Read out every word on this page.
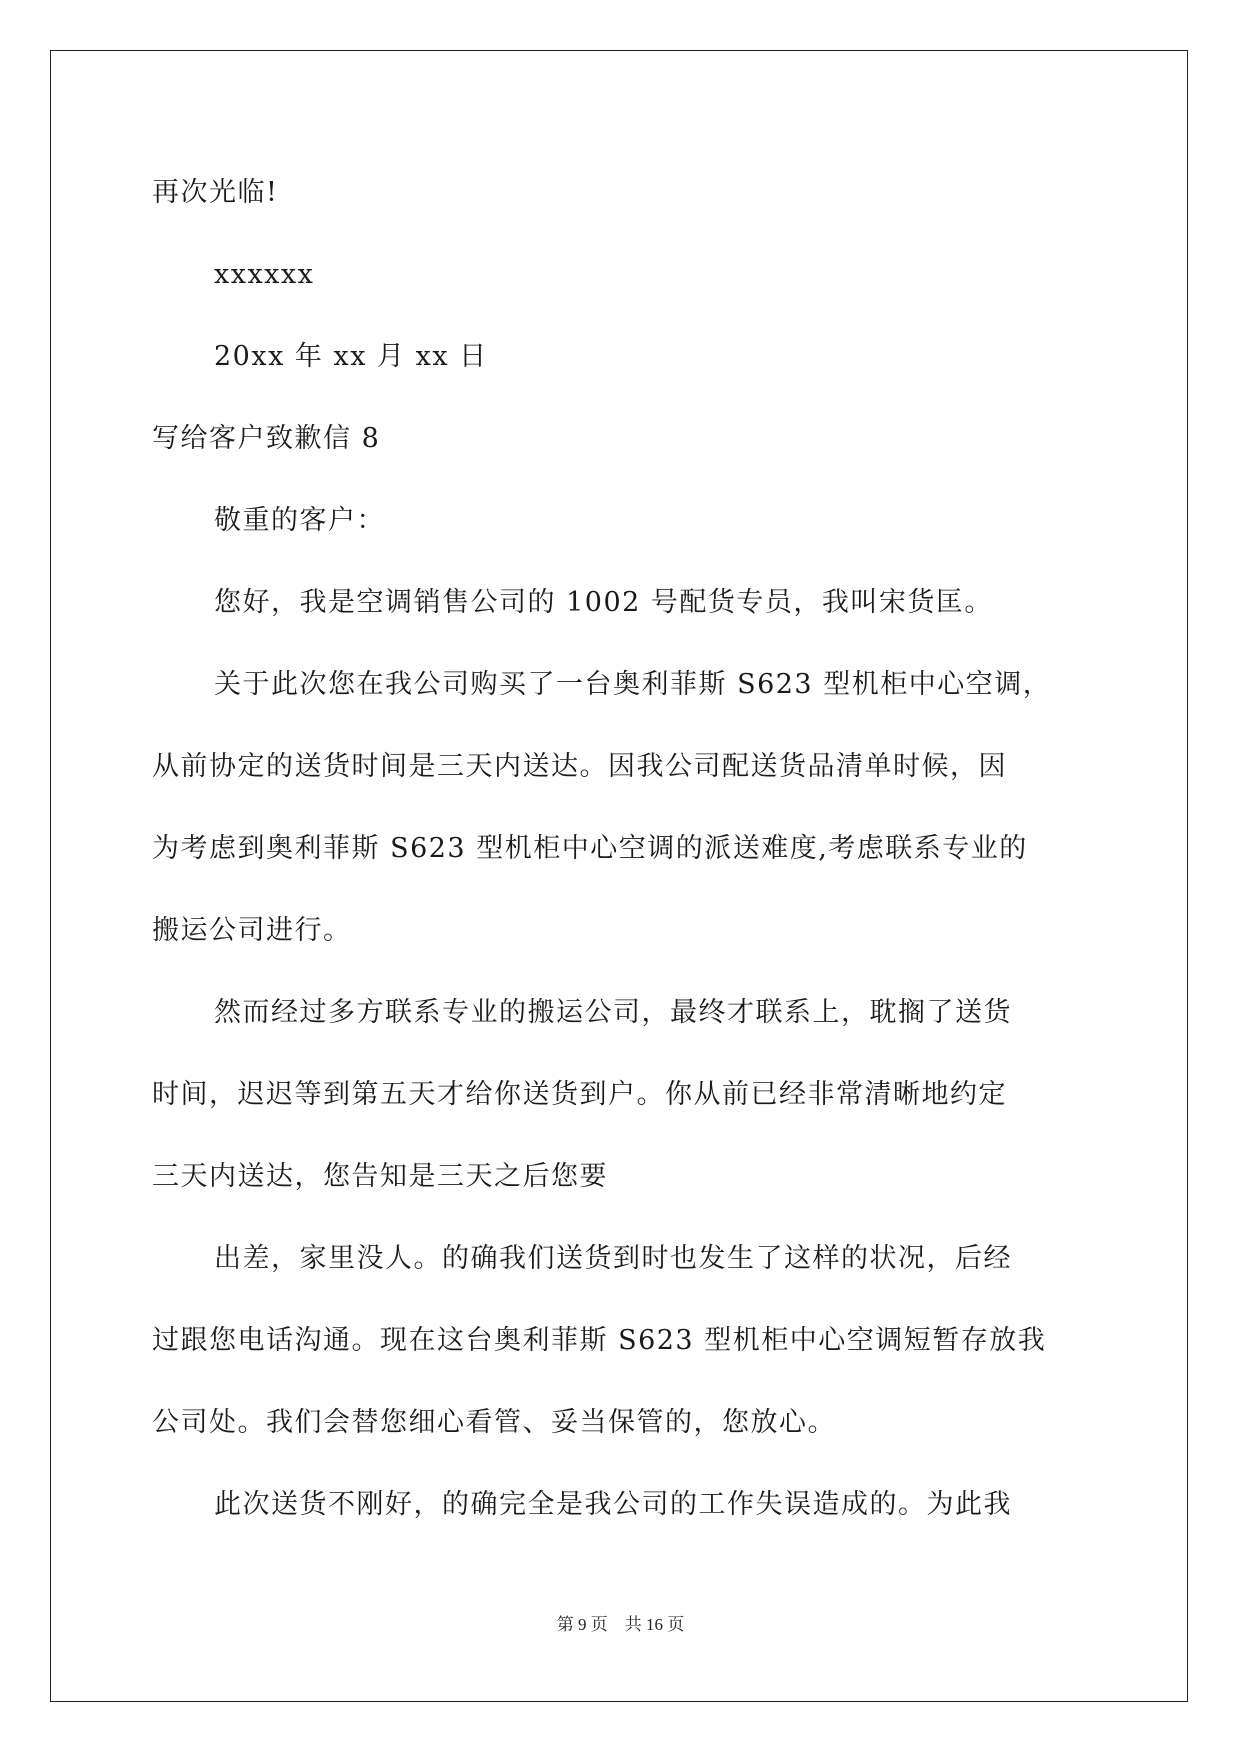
再次光临!
xxxxxx
20xx 年 xx 月 xx 日
写给客户致歉信 8
敬重的客户：
您好，我是空调销售公司的 1002 号配货专员，我叫宋货匡。
关于此次您在我公司购买了一台奥利菲斯 S623 型机柜中心空调，
从前协定的送货时间是三天内送达。因我公司配送货品清单时候，因
为考虑到奥利菲斯 S623 型机柜中心空调的派送难度,考虑联系专业的
搬运公司进行。
然而经过多方联系专业的搬运公司，最终才联系上，耽搁了送货
时间，迟迟等到第五天才给你送货到户。你从前已经非常清晰地约定
三天内送达，您告知是三天之后您要
出差，家里没人。的确我们送货到时也发生了这样的状况，后经
过跟您电话沟通。现在这台奥利菲斯 S623 型机柜中心空调短暂存放我
公司处。我们会替您细心看管、妥当保管的，您放心。
此次送货不刚好，的确完全是我公司的工作失误造成的。为此我
第 9 页 共 16 页
